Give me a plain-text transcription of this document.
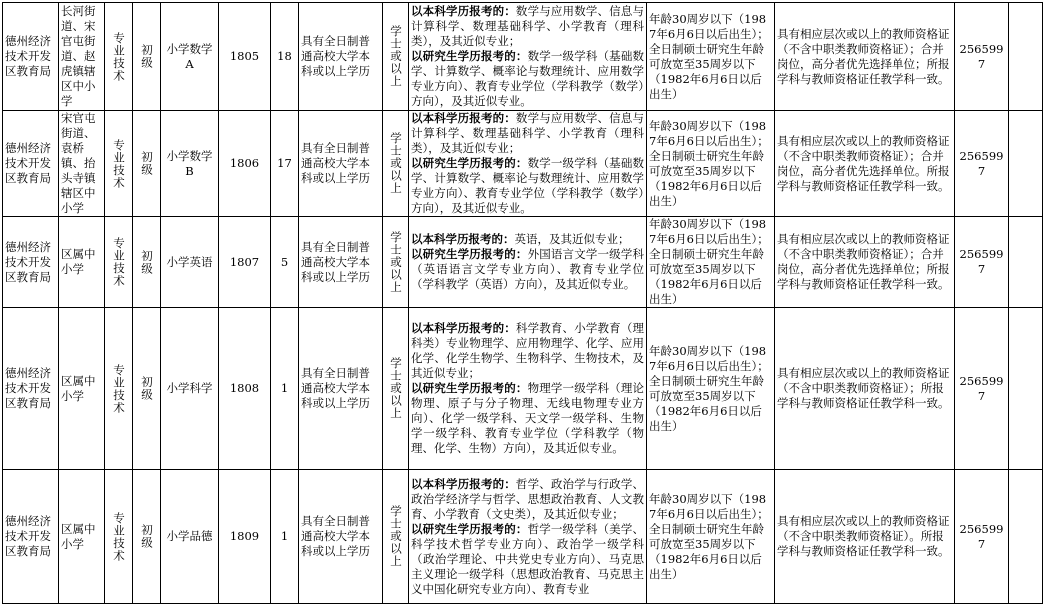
德州经济技术开发区教育局	长河街道、宋官屯街道、赵虎镇辖区中小学	专业技术	初级	小学数学A	1805	18	具有全日制普通高校大学本科或以上学历	学士或以上	以本科学历报考的：数学与应用数学、信息与计算科学、数理基础科学、小学教育（理科类），及其近似专业；
以研究生学历报考的：数学一级学科（基础数学、计算数学、概率论与数理统计、应用数学专业方向）、教育专业学位（学科教学（数学）方向），及其近似专业。	年龄30周岁以下（1987年6月6日以后出生）；全日制硕士研究生年龄可放宽至35周岁以下（1982年6月6日以后出生）	具有相应层次或以上的教师资格证（不含中职类教师资格证）；合并岗位，高分者优先选择单位；所报学科与教师资格证任教学科一致。	2565997	
德州经济技术开发区教育局	宋官屯街道、袁桥镇、抬头寺镇辖区中小学	专业技术	初级	小学数学B	1806	17	具有全日制普通高校大学本科或以上学历	学士或以上	以本科学历报考的：数学与应用数学、信息与计算科学、数理基础科学、小学教育（理科类），及其近似专业；
以研究生学历报考的：数学一级学科（基础数学、计算数学、概率论与数理统计、应用数学专业方向）、教育专业学位（学科教学（数学）方向），及其近似专业。	年龄30周岁以下（1987年6月6日以后出生）；全日制硕士研究生年龄可放宽至35周岁以下（1982年6月6日以后出生）	具有相应层次或以上的教师资格证（不含中职类教师资格证）；合并岗位，高分者优先选择单位。所报学科与教师资格证任教学科一致。	2565997	
德州经济技术开发区教育局	区属中小学	专业技术	初级	小学英语	1807	5	具有全日制普通高校大学本科或以上学历	学士或以上	以本科学历报考的：英语，及其近似专业；
以研究生学历报考的：外国语言文学一级学科（英语语言文学专业方向）、教育专业学位（学科教学（英语）方向），及其近似专业。	年龄30周岁以下（1987年6月6日以后出生）；全日制硕士研究生年龄可放宽至35周岁以下（1982年6月6日以后出生）	具有相应层次或以上的教师资格证（不含中职类教师资格证）；合并岗位，高分者优先选择单位；所报学科与教师资格证任教学科一致。	2565997	
德州经济技术开发区教育局	区属中小学	专业技术	初级	小学科学	1808	1	具有全日制普通高校大学本科或以上学历	学士或以上	以本科学历报考的：科学教育、小学教育（理科类）专业物理学、应用物理学、化学、应用化学、化学生物学、生物科学、生物技术，及其近似专业；
以研究生学历报考的：物理学一级学科（理论物理、原子与分子物理、无线电物理专业方向）、化学一级学科、天文学一级学科、生物学一级学科、教育专业学位（学科教学（物理、化学、生物）方向），及其近似专业。	年龄30周岁以下（1987年6月6日以后出生）；全日制硕士研究生年龄可放宽至35周岁以下（1982年6月6日以后出生）	具有相应层次或以上的教师资格证（不含中职类教师资格证）；所报学科与教师资格证任教学科一致。	2565997	
德州经济技术开发区教育局	区属中小学	专业技术	初级	小学品德	1809	1	具有全日制普通高校大学本科或以上学历	学士或以上	以本科学历报考的：哲学、政治学与行政学、政治学经济学与哲学、思想政治教育、人文教育、小学教育（文史类），及其近似专业；
以研究生学历报考的：哲学一级学科（美学、科学技术哲学专业方向）、政治学一级学科（政治学理论、中共党史专业方向）、马克思主义理论一级学科（思想政治教育、马克思主义中国化研究专业方向）、教育专业	年龄30周岁以下（1987年6月6日以后出生）；全日制硕士研究生年龄可放宽至35周岁以下（1982年6月6日以后出生）	具有相应层次或以上的教师资格证（不含中职类教师资格证）。所报学科与教师资格证任教学科一致。	2565997	
